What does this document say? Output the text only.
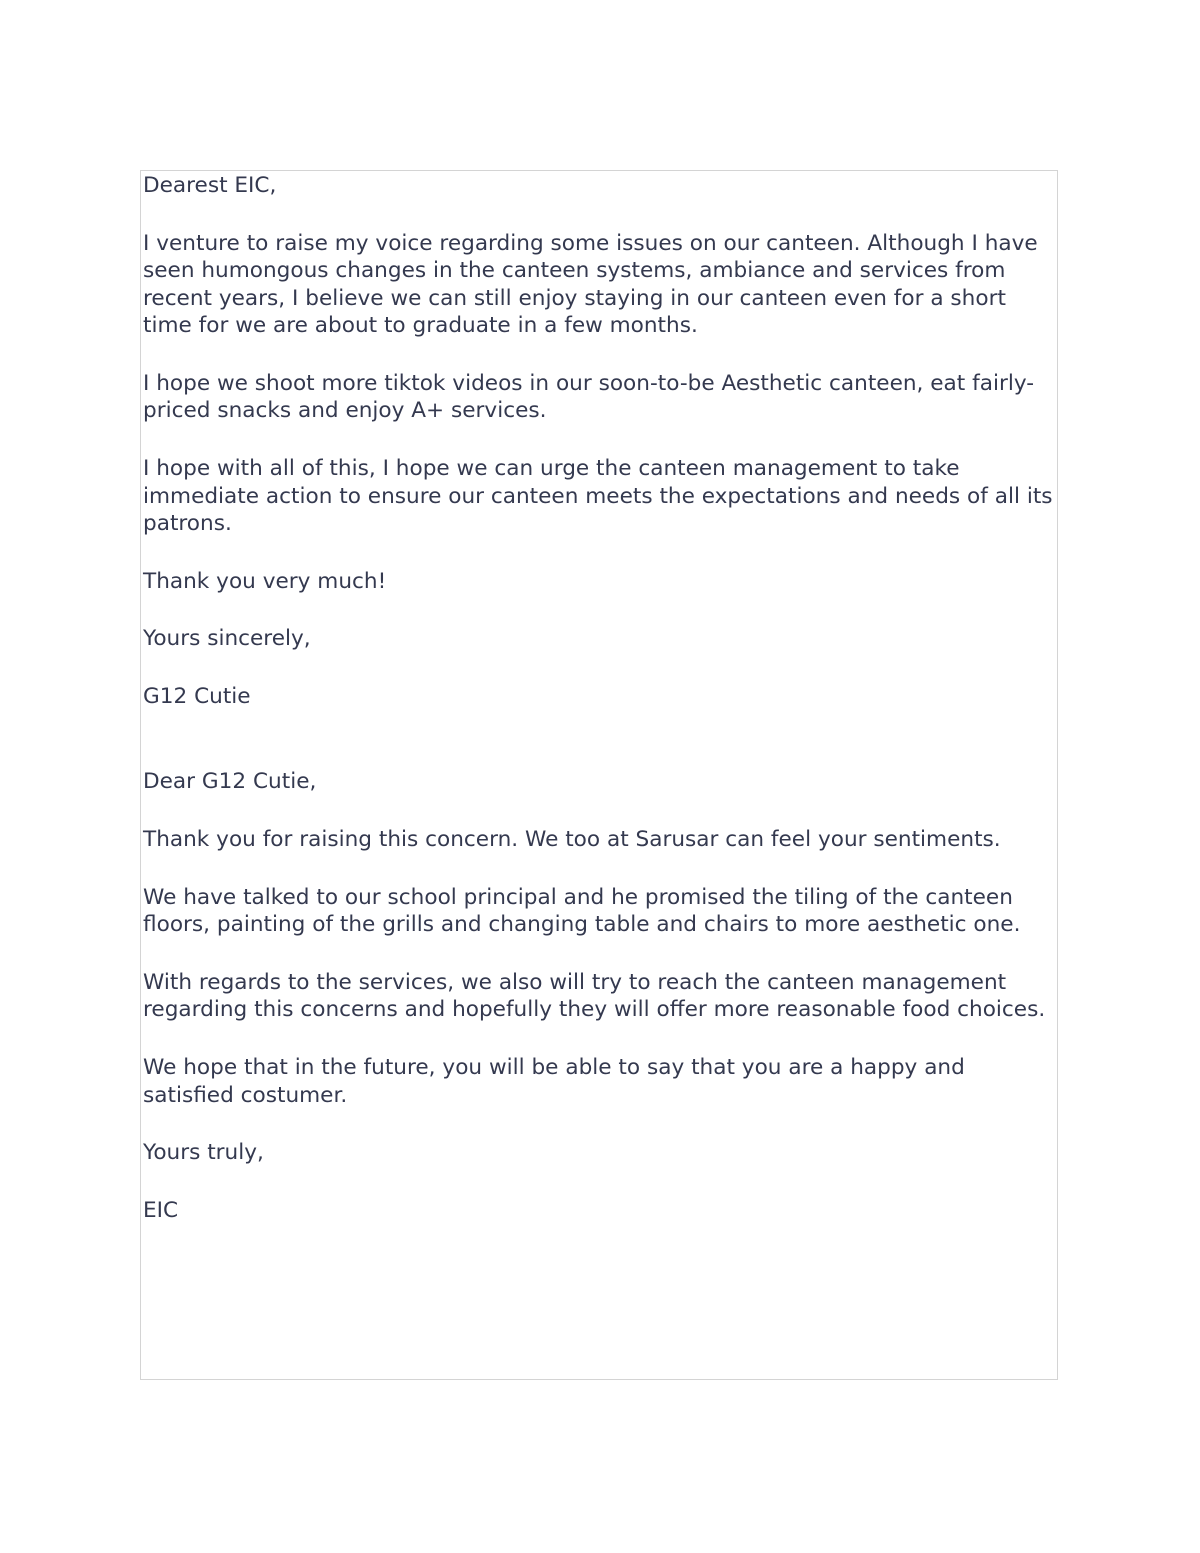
Dearest EIC,

I venture to raise my voice regarding some issues on our canteen. Although I have seen humongous changes in the canteen systems, ambiance and services from recent years, I believe we can still enjoy staying in our canteen even for a short time for we are about to graduate in a few months.

I hope we shoot more tiktok videos in our soon-to-be Aesthetic canteen, eat fairly-priced snacks and enjoy A+ services.

I hope with all of this, I hope we can urge the canteen management to take immediate action to ensure our canteen meets the expectations and needs of all its patrons.

Thank you very much!

Yours sincerely,

G12 Cutie

Dear G12 Cutie,

Thank you for raising this concern. We too at Sarusar can feel your sentiments.

We have talked to our school principal and he promised the tiling of the canteen floors, painting of the grills and changing table and chairs to more aesthetic one.

With regards to the services, we also will try to reach the canteen management regarding this concerns and hopefully they will offer more reasonable food choices.

We hope that in the future, you will be able to say that you are a happy and satisfied costumer.

Yours truly,

EIC
